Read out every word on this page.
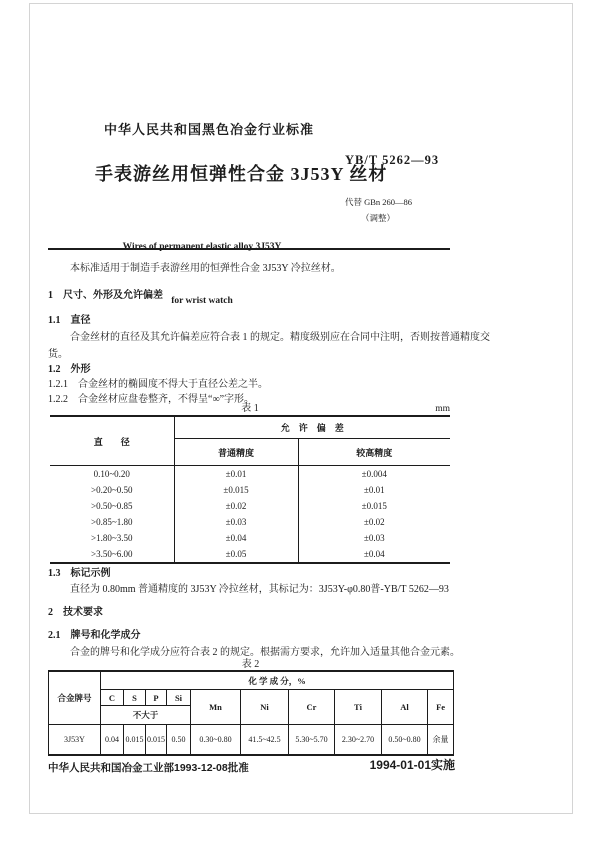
中华人民共和国黑色冶金行业标准
YB/T 5262—93
手表游丝用恒弹性合金 3J53Y 丝材

for wrist watch

代替 GBn 260—86
（调整）
本标准适用于制造手表游丝用的恒弹性合金 3J53Y 冷拉丝材。
1　尺寸、外形及允许偏差
1.1　直径
合金丝材的直径及其允许偏差应符合表 1 的规定。精度级别应在合同中注明，否则按普通精度交
货。
1.2　外形
1.2.1　合金丝材的椭圆度不得大于直径公差之半。
1.2.2　合金丝材应盘卷整齐，不得呈“∞”字形。
表 1	mm
直　　径	允　许　偏　差	
	普通精度	较高精度
0.10~0.20	±0.01	±0.004
>0.20~0.50	±0.015	±0.01
>0.50~0.85	±0.02	±0.015
>0.85~1.80	±0.03	±0.02
>1.80~3.50	±0.04	±0.03
>3.50~6.00	±0.05	±0.04
1.3　标记示例
直径为 0.80mm 普通精度的 3J53Y 冷拉丝材，其标记为：3J53Y-φ0.80普-YB/T 5262—93
2　技术要求
2.1　牌号和化学成分
合金的牌号和化学成分应符合表 2 的规定。根据需方要求，允许加入适量其他合金元素。
表 2
合金牌号	化 学 成 分，%									
	C	S	P	Si	Mn	Ni	Cr	Ti	Al	Fe
	不大于									
3J53Y	0.04	0.015	0.015	0.50	0.30~0.80	41.5~42.5	5.30~5.70	2.30~2.70	0.50~0.80	余量
中华人民共和国冶金工业部1993-12-08批准	1994-01-01实施
